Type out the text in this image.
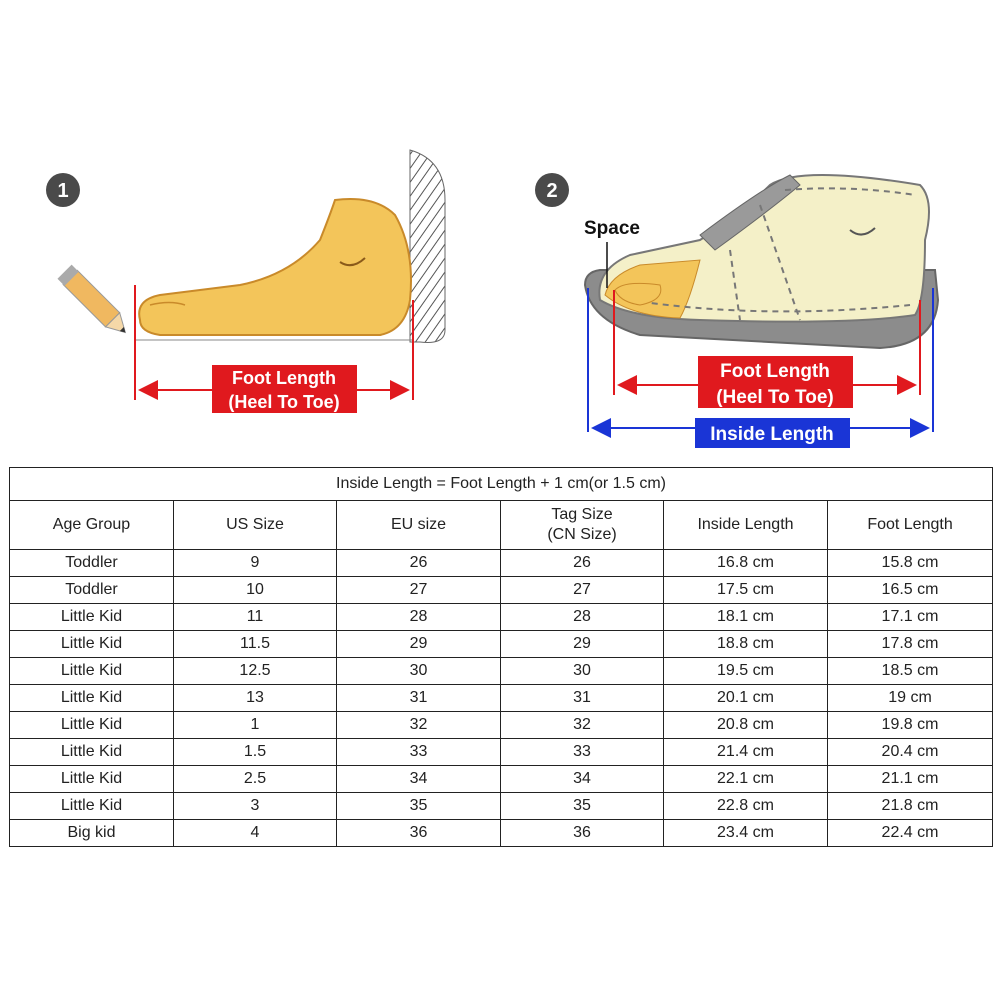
1
Foot Length
(Heel To Toe)
2
Space
Foot Length
(Heel To Toe)
Inside Length
Inside Length = Foot Length + 1 cm(or 1.5 cm)					
Age Group	US Size	EU size	Tag Size
(CN Size)	Inside Length	Foot Length
Toddler	9	26	26	16.8 cm	15.8 cm
Toddler	10	27	27	17.5 cm	16.5 cm
Little Kid	11	28	28	18.1 cm	17.1 cm
Little Kid	11.5	29	29	18.8 cm	17.8 cm
Little Kid	12.5	30	30	19.5 cm	18.5 cm
Little Kid	13	31	31	20.1 cm	19 cm
Little Kid	1	32	32	20.8 cm	19.8 cm
Little Kid	1.5	33	33	21.4 cm	20.4 cm
Little Kid	2.5	34	34	22.1 cm	21.1 cm
Little Kid	3	35	35	22.8 cm	21.8 cm
Big kid	4	36	36	23.4 cm	22.4 cm
